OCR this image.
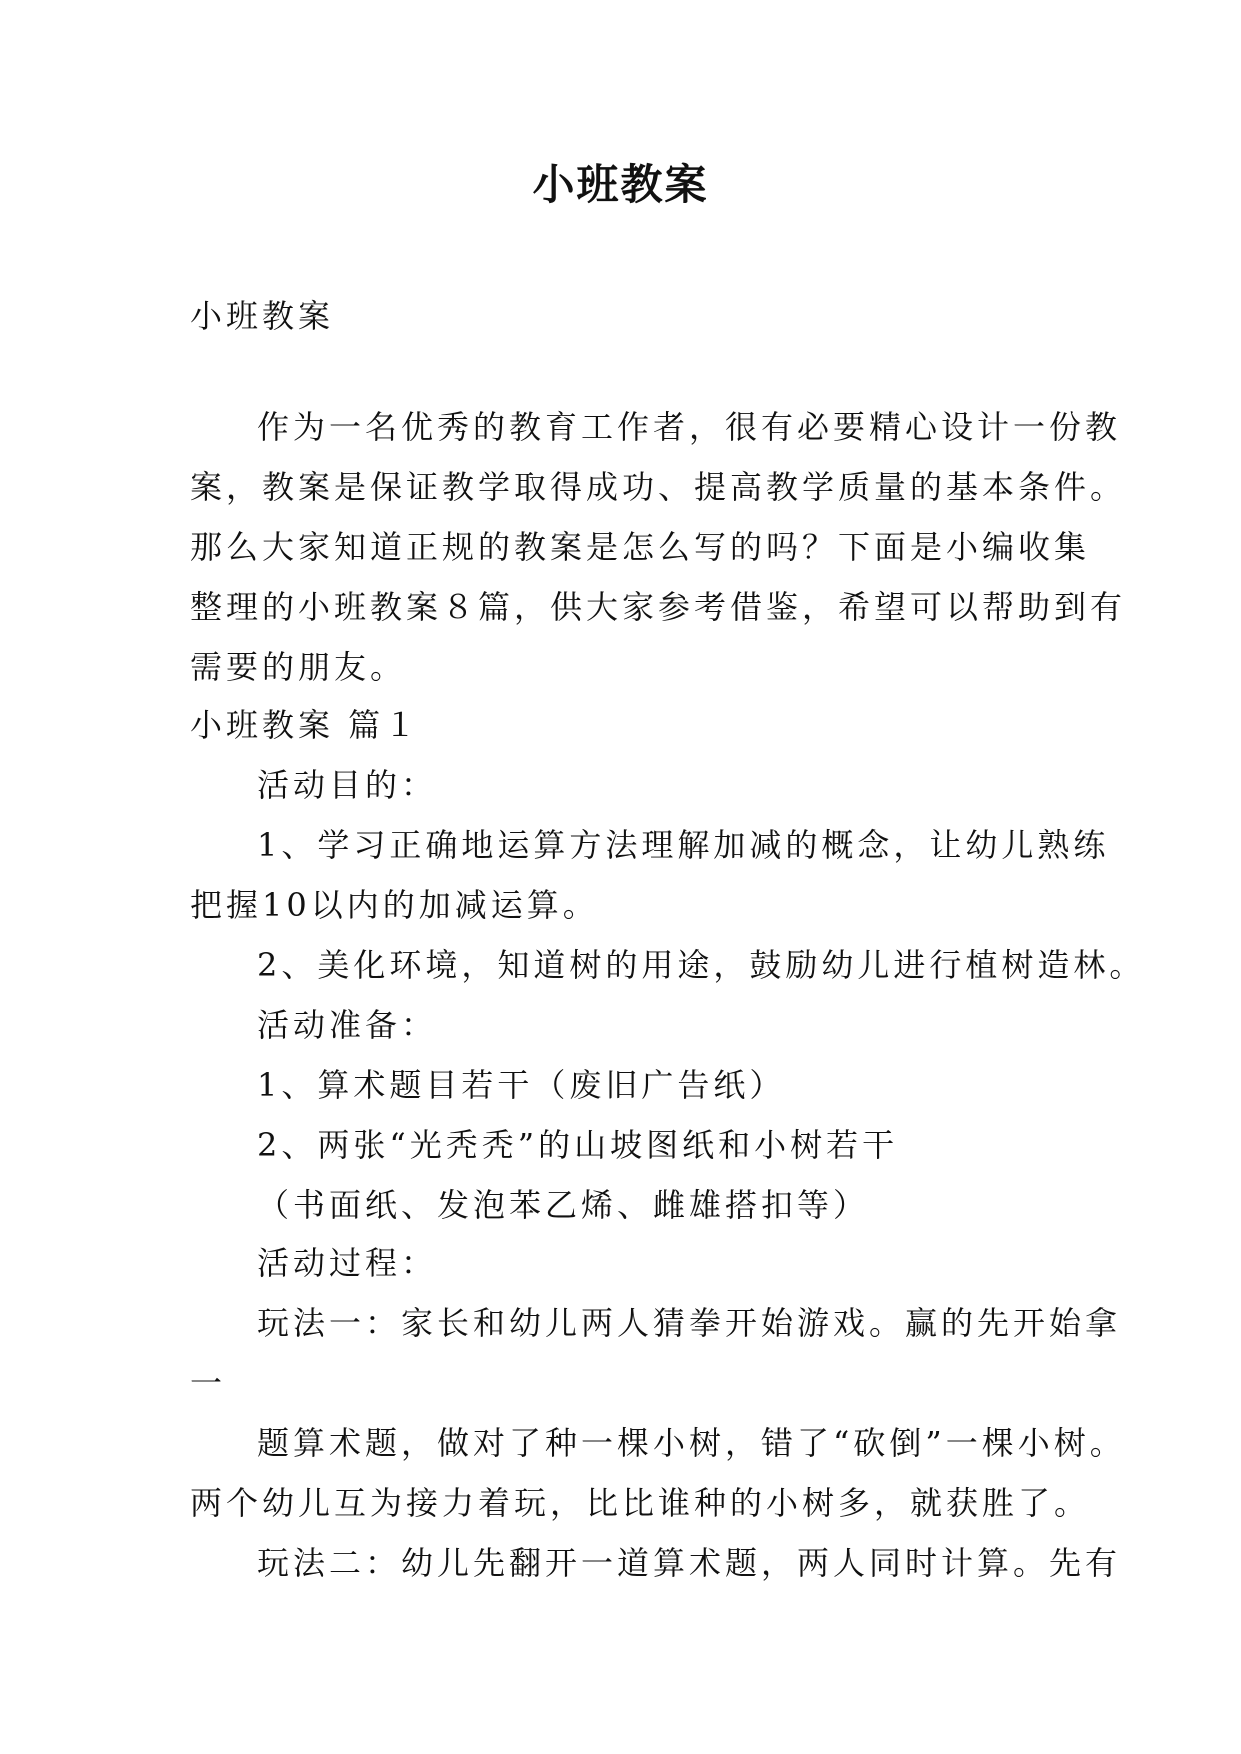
小班教案
小班教案
作为一名优秀的教育工作者，很有必要精心设计一份教
案，教案是保证教学取得成功、提高教学质量的基本条件。
那么大家知道正规的教案是怎么写的吗？下面是小编收集
整理的小班教案８篇，供大家参考借鉴，希望可以帮助到有
需要的朋友。
小班教案 篇１
活动目的：
1、学习正确地运算方法理解加减的概念，让幼儿熟练
把握10以内的加减运算。
2、美化环境，知道树的用途，鼓励幼儿进行植树造林。
活动准备：
1、算术题目若干（废旧广告纸）
2、两张“光秃秃”的山坡图纸和小树若干
（书面纸、发泡苯乙烯、雌雄搭扣等）
活动过程：
玩法一：家长和幼儿两人猜拳开始游戏。赢的先开始拿
一
题算术题，做对了种一棵小树，错了“砍倒”一棵小树。
两个幼儿互为接力着玩，比比谁种的小树多，就获胜了。
玩法二：幼儿先翻开一道算术题，两人同时计算。先有
